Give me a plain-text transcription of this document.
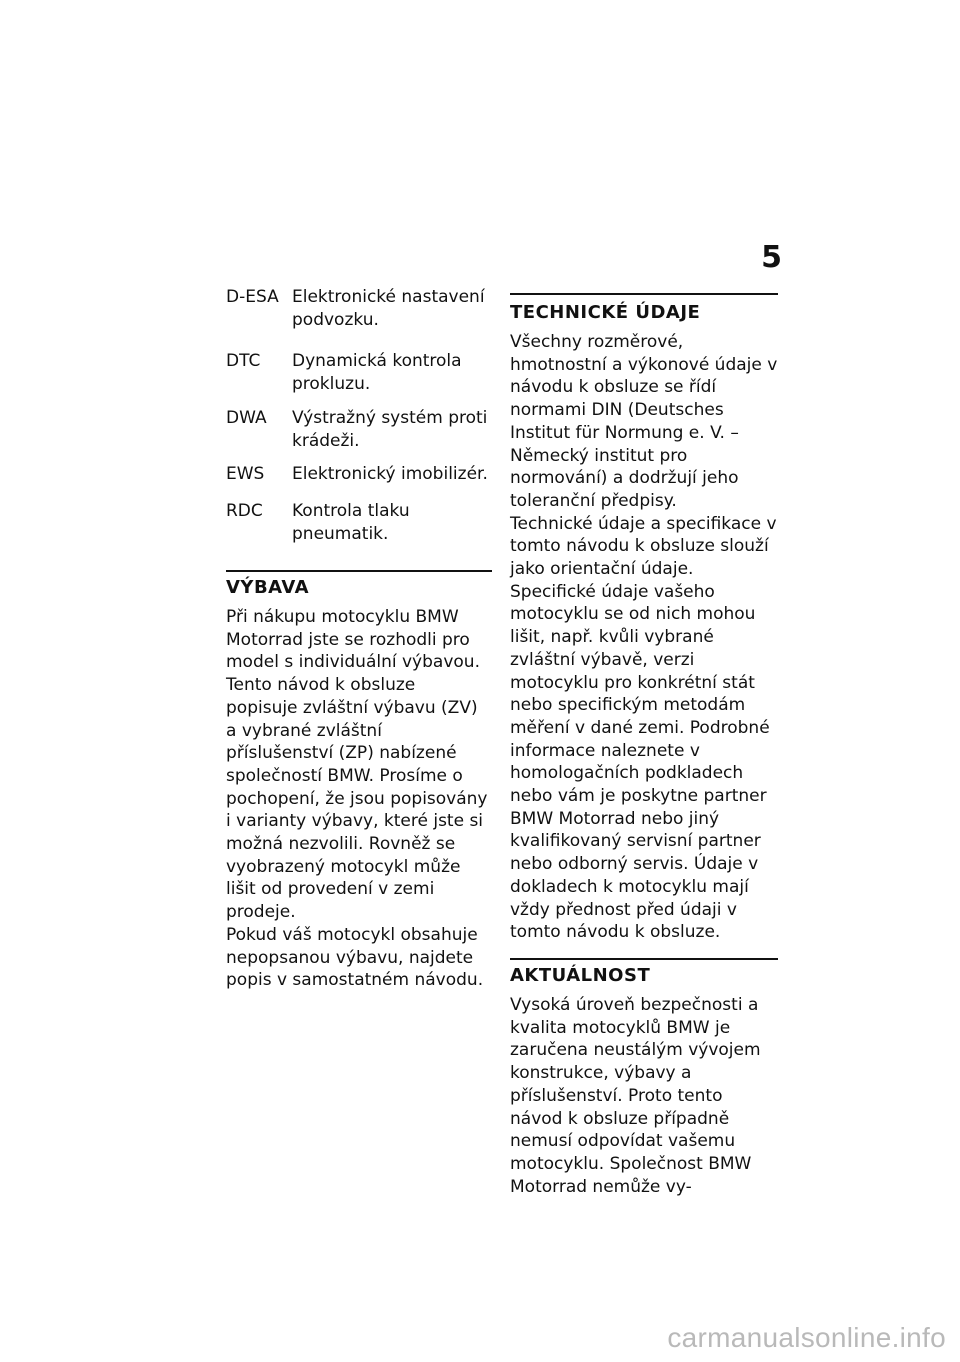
5
D-ESA Elektronické nastavení podvozku.
DTC Dynamická kontrola prokluzu.
DWA Výstražný systém proti krádeži.
EWS Elektronický imobilizér.
RDC Kontrola tlaku pneumatik.
VÝBAVA

Při nákupu motocyklu BMW Motorrad jste se rozhodli pro model s individuální výbavou. Tento návod k obsluze popisuje zvláštní výbavu (ZV) a vybrané zvláštní příslušenství (ZP) nabízené společností BMW. Prosíme o pochopení, že jsou popisovány i varianty výbavy, které jste si možná nezvolili. Rovněž se vyobrazený motocykl může lišit od provedení v zemi prodeje.

Pokud váš motocykl obsahuje nepopsanou výbavu, najdete popis v samostatném návodu.

TECHNICKÉ ÚDAJE

Všechny rozměrové, hmotnostní a výkonové údaje v návodu k obsluze se řídí normami DIN (Deutsches Institut für Normung e. V. – Německý institut pro normování) a dodržují jeho toleranční předpisy.

Technické údaje a specifikace v tomto návodu k obsluze slouží jako orientační údaje. Specifické údaje vašeho motocyklu se od nich mohou lišit, např. kvůli vybrané zvláštní výbavě, verzi motocyklu pro konkrétní stát nebo specifickým metodám měření v dané zemi. Podrobné informace naleznete v homologačních podkladech nebo vám je poskytne partner BMW Motorrad nebo jiný kvalifikovaný servisní partner nebo odborný servis. Údaje v dokladech k motocyklu mají vždy přednost před údaji v tomto návodu k obsluze.

AKTUÁLNOST

Vysoká úroveň bezpečnosti a kvalita motocyklů BMW je zaručena neustálým vývojem konstrukce, výbavy a příslušenství. Proto tento návod k obsluze případně nemusí odpovídat vašemu motocyklu. Společnost BMW Motorrad nemůže vy-

carmanualsonline.info
